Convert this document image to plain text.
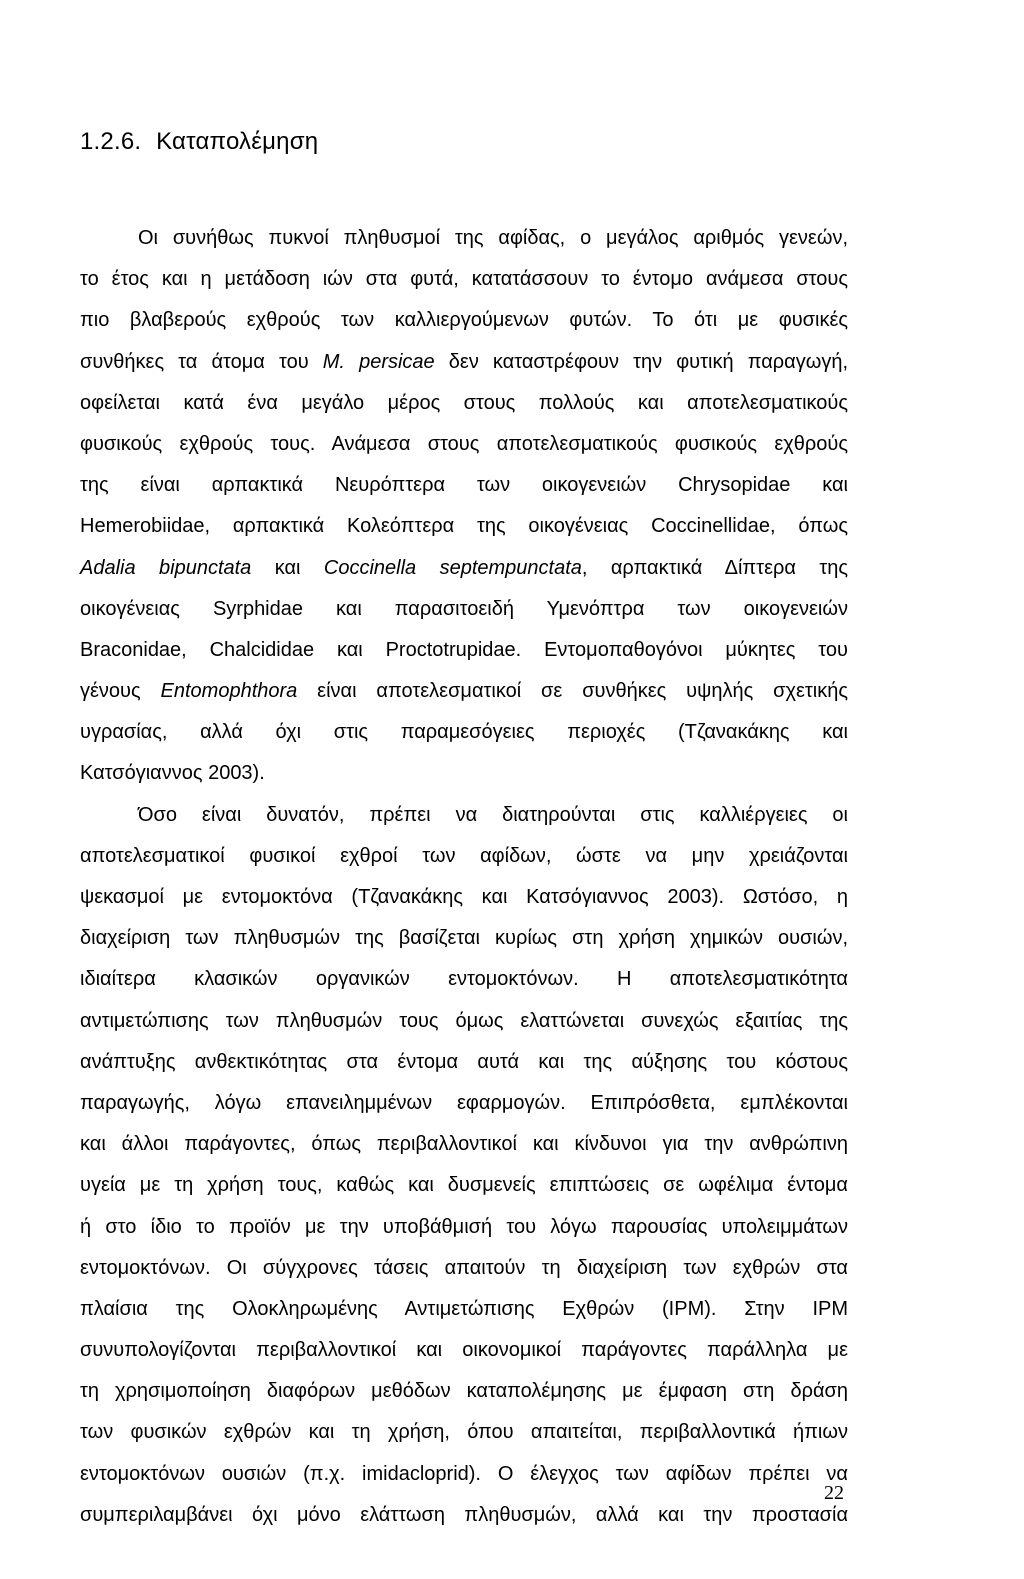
1.2.6. Καταπολέμηση
Οι συνήθως πυκνοί πληθυσμοί της αφίδας, ο μεγάλος αριθμός γενεών,
το έτος και η μετάδοση ιών στα φυτά, κατατάσσουν το έντομο ανάμεσα στους
πιο βλαβερούς εχθρούς των καλλιεργούμενων φυτών. Το ότι με φυσικές
συνθήκες τα άτομα του M. persicae δεν καταστρέφουν την φυτική παραγωγή,
οφείλεται κατά ένα μεγάλο μέρος στους πολλούς και αποτελεσματικούς
φυσικούς εχθρούς τους. Ανάμεσα στους αποτελεσματικούς φυσικούς εχθρούς
της είναι αρπακτικά Νευρόπτερα των οικογενειών Chrysopidae και
Hemerobiidae, αρπακτικά Κολεόπτερα της οικογένειας Coccinellidae, όπως
Adalia bipunctata και Coccinella septempunctata, αρπακτικά Δίπτερα της
οικογένειας Syrphidae και παρασιτοειδή Υμενόπτρα των οικογενειών
Braconidae, Chalcididae και Proctotrupidae. Εντομοπαθογόνοι μύκητες του
γένους Entomophthora είναι αποτελεσματικοί σε συνθήκες υψηλής σχετικής
υγρασίας, αλλά όχι στις παραμεσόγειες περιοχές (Τζανακάκης και
Κατσόγιαννος 2003).
Όσο είναι δυνατόν, πρέπει να διατηρούνται στις καλλιέργειες οι
αποτελεσματικοί φυσικοί εχθροί των αφίδων, ώστε να μην χρειάζονται
ψεκασμοί με εντομοκτόνα (Τζανακάκης και Κατσόγιαννος 2003). Ωστόσο, η
διαχείριση των πληθυσμών της βασίζεται κυρίως στη χρήση χημικών ουσιών,
ιδιαίτερα κλασικών οργανικών εντομοκτόνων. Η αποτελεσματικότητα
αντιμετώπισης των πληθυσμών τους όμως ελαττώνεται συνεχώς εξαιτίας της
ανάπτυξης ανθεκτικότητας στα έντομα αυτά και της αύξησης του κόστους
παραγωγής, λόγω επανειλημμένων εφαρμογών. Επιπρόσθετα, εμπλέκονται
και άλλοι παράγοντες, όπως περιβαλλοντικοί και κίνδυνοι για την ανθρώπινη
υγεία με τη χρήση τους, καθώς και δυσμενείς επιπτώσεις σε ωφέλιμα έντομα
ή στο ίδιο το προϊόν με την υποβάθμισή του λόγω παρουσίας υπολειμμάτων
εντομοκτόνων. Οι σύγχρονες τάσεις απαιτούν τη διαχείριση των εχθρών στα
πλαίσια της Ολοκληρωμένης Αντιμετώπισης Εχθρών (IPM). Στην IPM
συνυπολογίζονται περιβαλλοντικοί και οικονομικοί παράγοντες παράλληλα με
τη χρησιμοποίηση διαφόρων μεθόδων καταπολέμησης με έμφαση στη δράση
των φυσικών εχθρών και τη χρήση, όπου απαιτείται, περιβαλλοντικά ήπιων
εντομοκτόνων ουσιών (π.χ. imidacloprid). Ο έλεγχος των αφίδων πρέπει να
συμπεριλαμβάνει όχι μόνο ελάττωση πληθυσμών, αλλά και την προστασία
22
